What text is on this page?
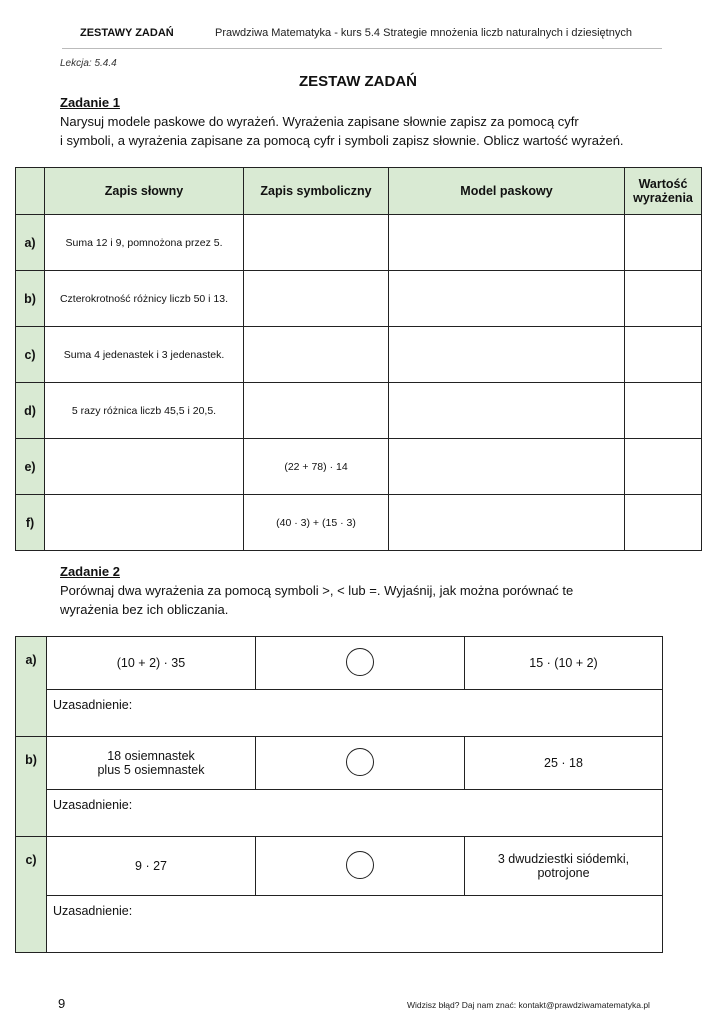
ZESTAWY ZADAŃ	Prawdziwa Matematyka - kurs 5.4 Strategie mnożenia liczb naturalnych i dziesiętnych
Lekcja: 5.4.4
ZESTAW ZADAŃ
Zadanie 1
Narysuj modele paskowe do wyrażeń. Wyrażenia zapisane słownie zapisz za pomocą cyfr
i symboli, a wyrażenia zapisane za pomocą cyfr i symboli zapisz słownie. Oblicz wartość wyrażeń.
	Zapis słowny	Zapis symboliczny	Model paskowy	Wartość wyrażenia
a)	Suma 12 i 9, pomnożona przez 5.			
b)	Czterokrotność różnicy liczb 50 i 13.			
c)	Suma 4 jedenastek i 3 jedenastek.			
d)	5 razy różnica liczb 45,5 i 20,5.			
e)		(22 + 78) · 14		
f)		(40 · 3) + (15 · 3)		
Zadanie 2
Porównaj dwa wyrażenia za pomocą symboli >, < lub =. Wyjaśnij, jak można porównać te
wyrażenia bez ich obliczania.
a)	(10 + 2) · 35		15 · (10 + 2)
	Uzasadnienie:		
b)	18 osiemnastek
plus 5 osiemnastek		25 · 18
	Uzasadnienie:		
c)	9 · 27		3 dwudziestki siódemki,
potrojone

	Uzasadnienie:		
9	Widzisz błąd? Daj nam znać: kontakt@prawdziwamatematyka.pl
